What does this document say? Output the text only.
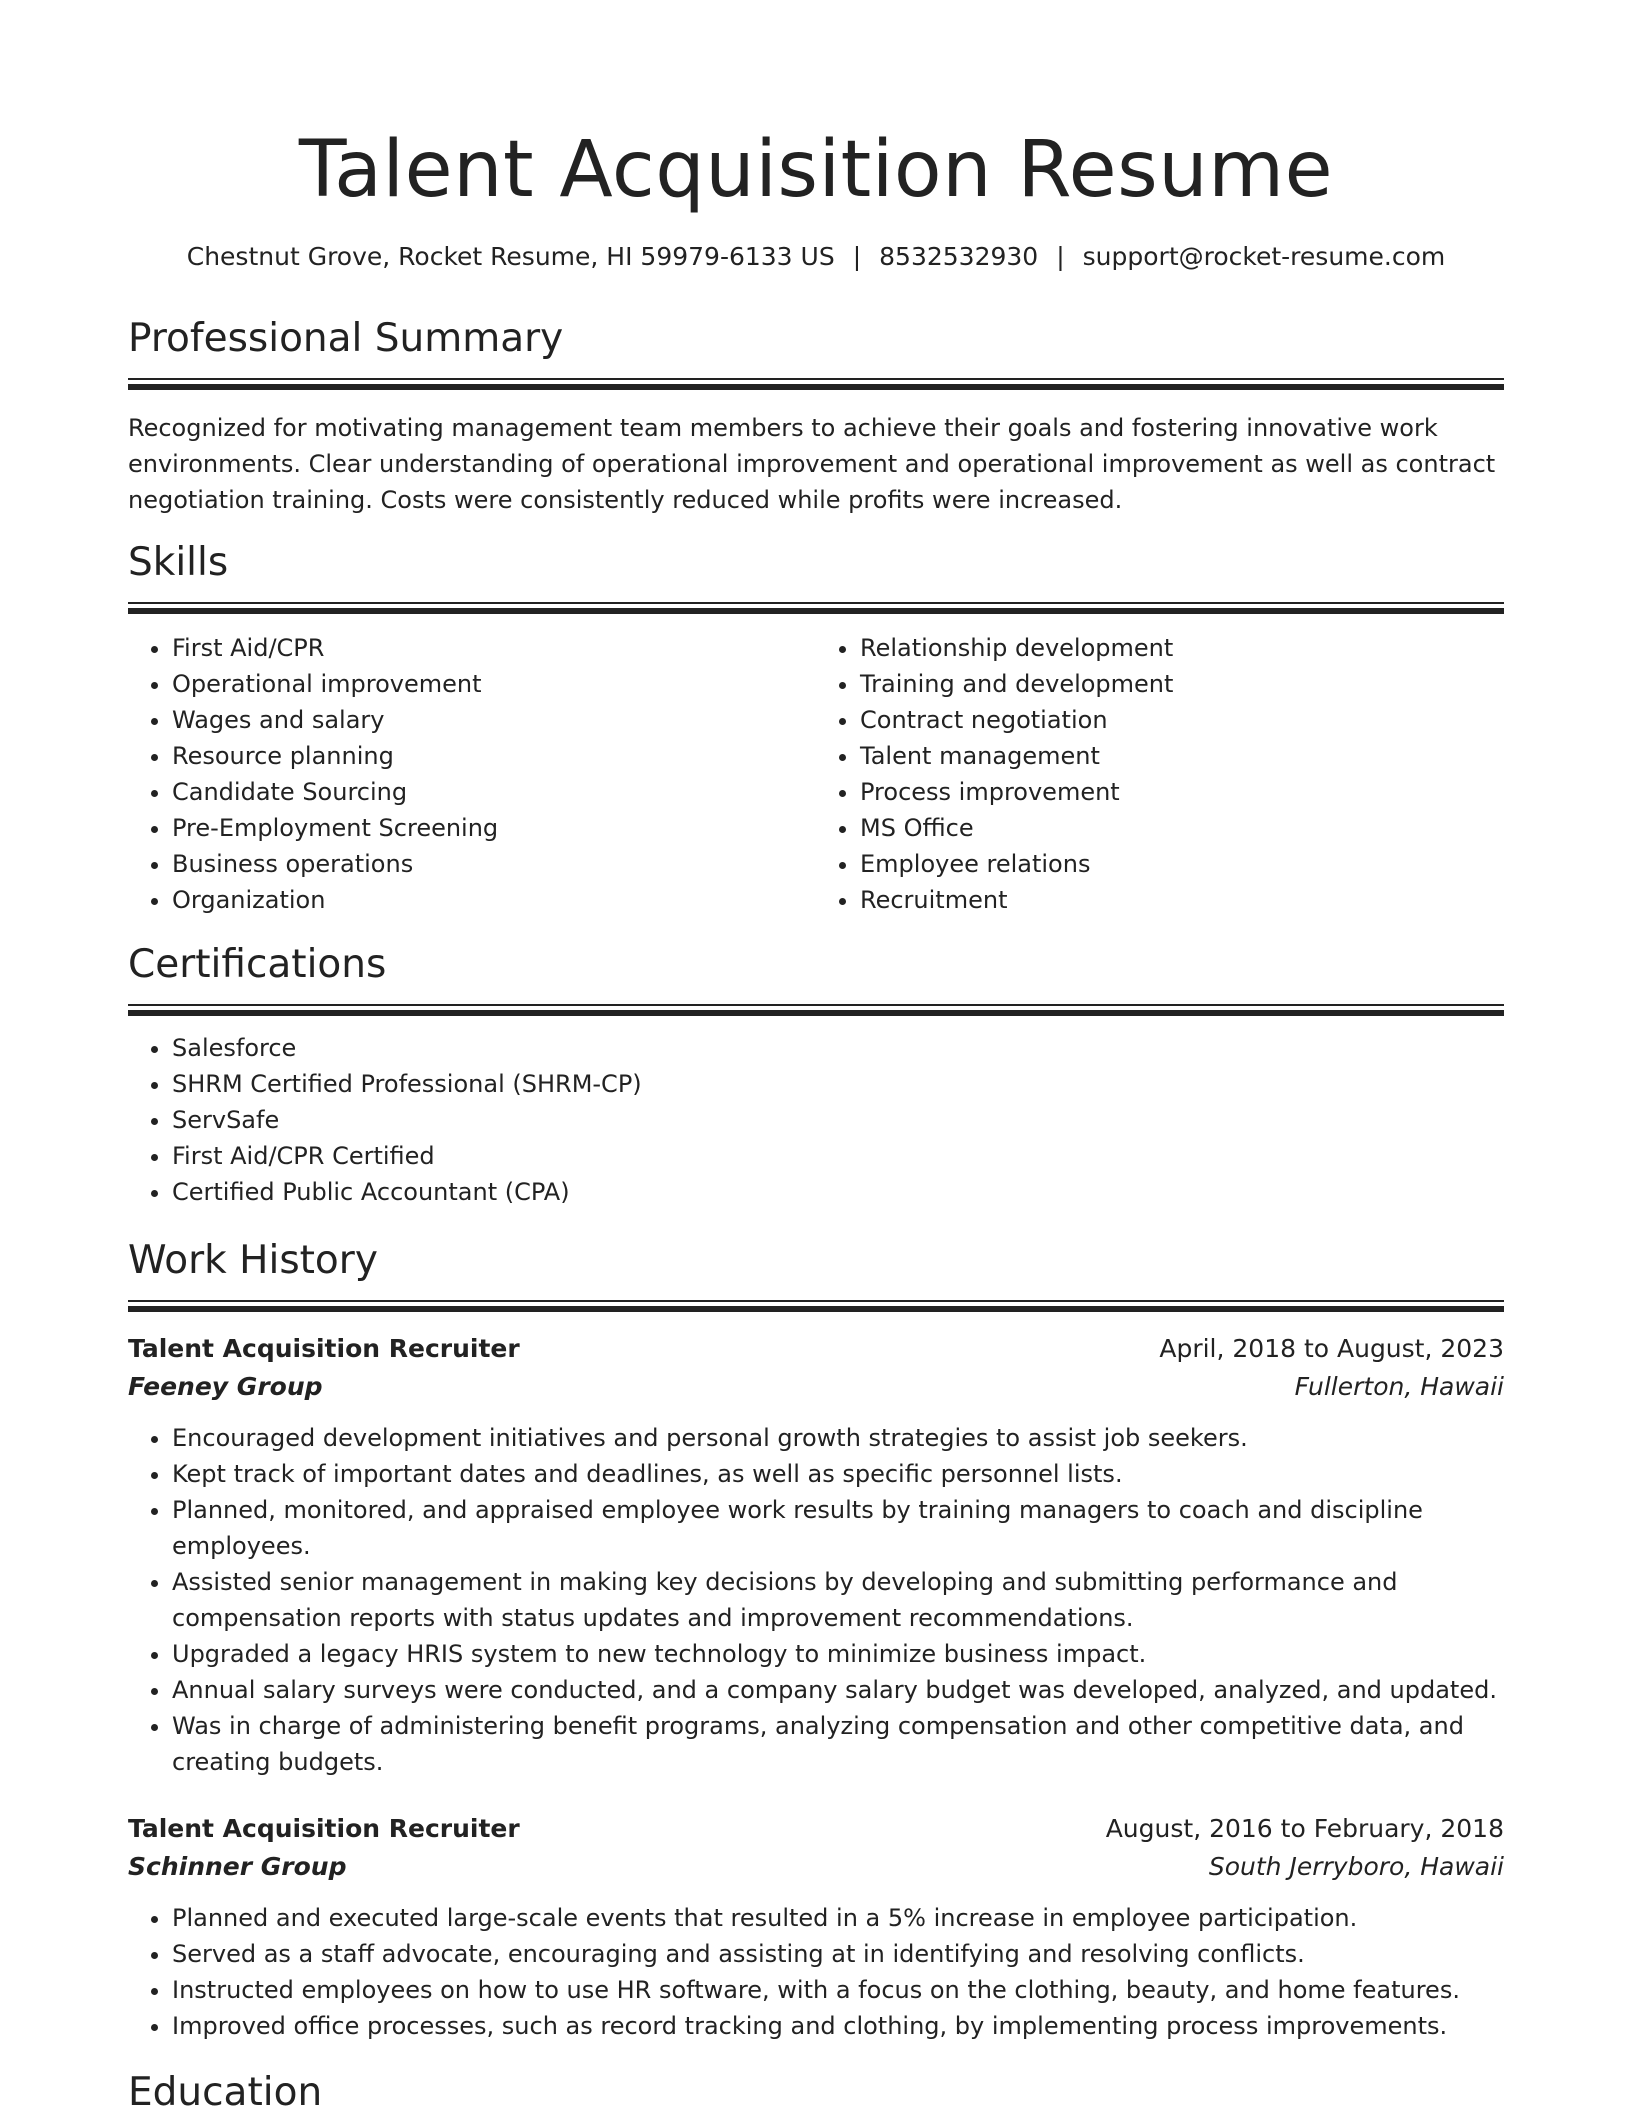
Talent Acquisition Resume
Chestnut Grove, Rocket Resume, HI 59979-6133 US | 8532532930 | support@rocket-resume.com
Professional Summary

Recognized for motivating management team members to achieve their goals and fostering innovative work environments. Clear understanding of operational improvement and operational improvement as well as contract negotiation training. Costs were consistently reduced while profits were increased.

Skills
• First Aid/CPR
• Operational improvement
• Wages and salary
• Resource planning
• Candidate Sourcing
• Pre-Employment Screening
• Business operations
• Organization
• Relationship development
• Training and development
• Contract negotiation
• Talent management
• Process improvement
• MS Office
• Employee relations
• Recruitment
Certifications
• Salesforce
• SHRM Certified Professional (SHRM-CP)
• ServSafe
• First Aid/CPR Certified
• Certified Public Accountant (CPA)
Work History
Talent Acquisition Recruiter	April, 2018 to August, 2023
Feeney Group	Fullerton, Hawaii
• Encouraged development initiatives and personal growth strategies to assist job seekers.
• Kept track of important dates and deadlines, as well as specific personnel lists.
• Planned, monitored, and appraised employee work results by training managers to coach and discipline employees.
• Assisted senior management in making key decisions by developing and submitting performance and compensation reports with status updates and improvement recommendations.
• Upgraded a legacy HRIS system to new technology to minimize business impact.
• Annual salary surveys were conducted, and a company salary budget was developed, analyzed, and updated.
• Was in charge of administering benefit programs, analyzing compensation and other competitive data, and creating budgets.
Talent Acquisition Recruiter	August, 2016 to February, 2018
Schinner Group	South Jerryboro, Hawaii
• Planned and executed large-scale events that resulted in a 5% increase in employee participation.
• Served as a staff advocate, encouraging and assisting at in identifying and resolving conflicts.
• Instructed employees on how to use HR software, with a focus on the clothing, beauty, and home features.
• Improved office processes, such as record tracking and clothing, by implementing process improvements.
Education
